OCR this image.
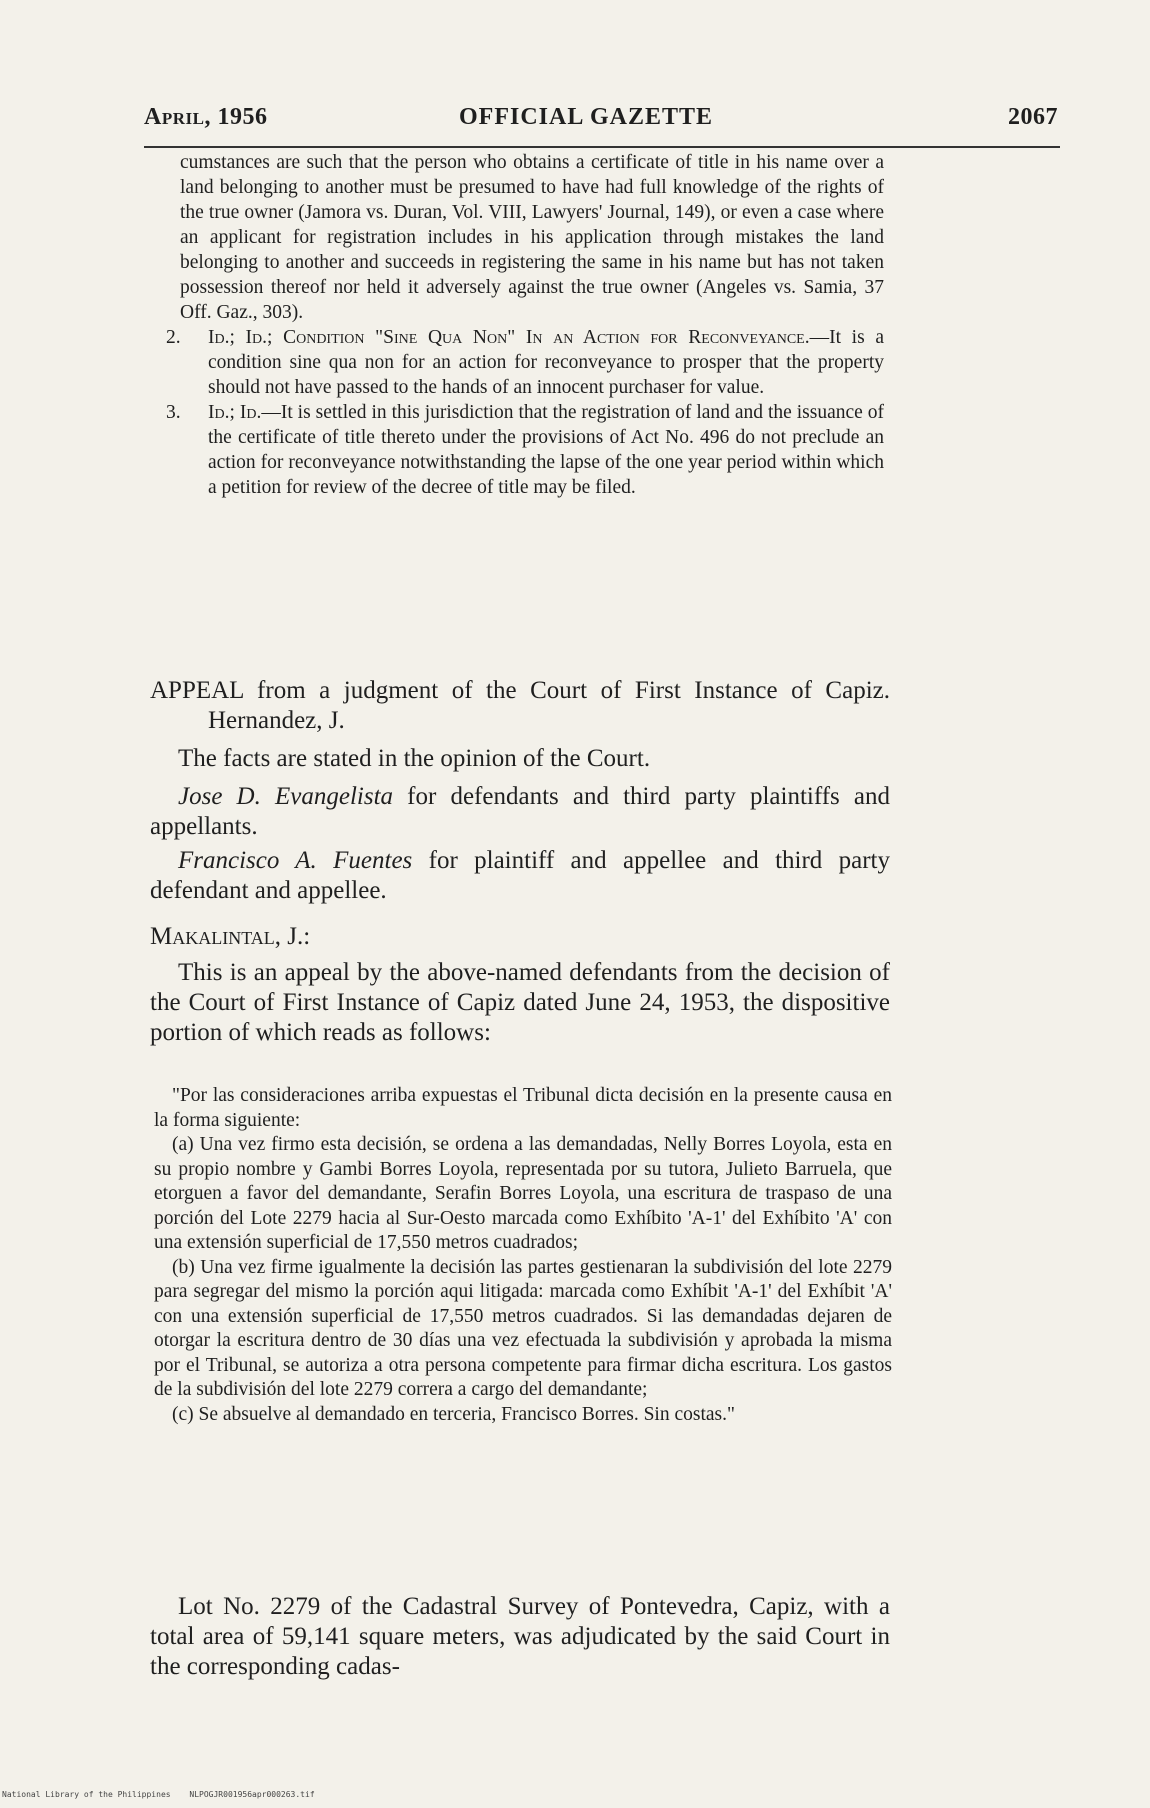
April, 1956	OFFICIAL GAZETTE	2067

cumstances are such that the person who obtains a certificate of title in his name over a land belonging to another must be presumed to have had full knowledge of the rights of the true owner (Jamora vs. Duran, Vol. VIII, Lawyers' Journal, 149), or even a case where an applicant for registration includes in his application through mistakes the land belonging to another and succeeds in registering the same in his name but has not taken possession thereof nor held it adversely against the true owner (Angeles vs. Samia, 37 Off. Gaz., 303).

2. Id.; Id.; Condition "Sine Qua Non" In an Action for Reconveyance.—It is a condition sine qua non for an action for reconveyance to prosper that the property should not have passed to the hands of an innocent purchaser for value.

3. Id.; Id.—It is settled in this jurisdiction that the registration of land and the issuance of the certificate of title thereto under the provisions of Act No. 496 do not preclude an action for reconveyance notwithstanding the lapse of the one year period within which a petition for review of the decree of title may be filed.

APPEAL from a judgment of the Court of First Instance of Capiz. Hernandez, J.

The facts are stated in the opinion of the Court.

Jose D. Evangelista for defendants and third party plaintiffs and appellants.

Francisco A. Fuentes for plaintiff and appellee and third party defendant and appellee.

Makalintal, J.:

This is an appeal by the above-named defendants from the decision of the Court of First Instance of Capiz dated June 24, 1953, the dispositive portion of which reads as follows:

"Por las consideraciones arriba expuestas el Tribunal dicta decisión en la presente causa en la forma siguiente:

(a) Una vez firmo esta decisión, se ordena a las demandadas, Nelly Borres Loyola, esta en su propio nombre y Gambi Borres Loyola, representada por su tutora, Julieto Barruela, que etorguen a favor del demandante, Serafin Borres Loyola, una escritura de traspaso de una porción del Lote 2279 hacia al Sur-Oesto marcada como Exhíbito 'A-1' del Exhíbito 'A' con una extensión superficial de 17,550 metros cuadrados;

(b) Una vez firme igualmente la decisión las partes gestienaran la subdivisión del lote 2279 para segregar del mismo la porción aqui litigada: marcada como Exhíbit 'A-1' del Exhíbit 'A' con una extensión superficial de 17,550 metros cuadrados. Si las demandadas dejaren de otorgar la escritura dentro de 30 días una vez efectuada la subdivisión y aprobada la misma por el Tribunal, se autoriza a otra persona competente para firmar dicha escritura. Los gastos de la subdivisión del lote 2279 correra a cargo del demandante;

(c) Se absuelve al demandado en terceria, Francisco Borres. Sin costas."

Lot No. 2279 of the Cadastral Survey of Pontevedra, Capiz, with a total area of 59,141 square meters, was adjudicated by the said Court in the corresponding cadas-

National Library of the Philippines NLPOGJR001956apr000263.tif
